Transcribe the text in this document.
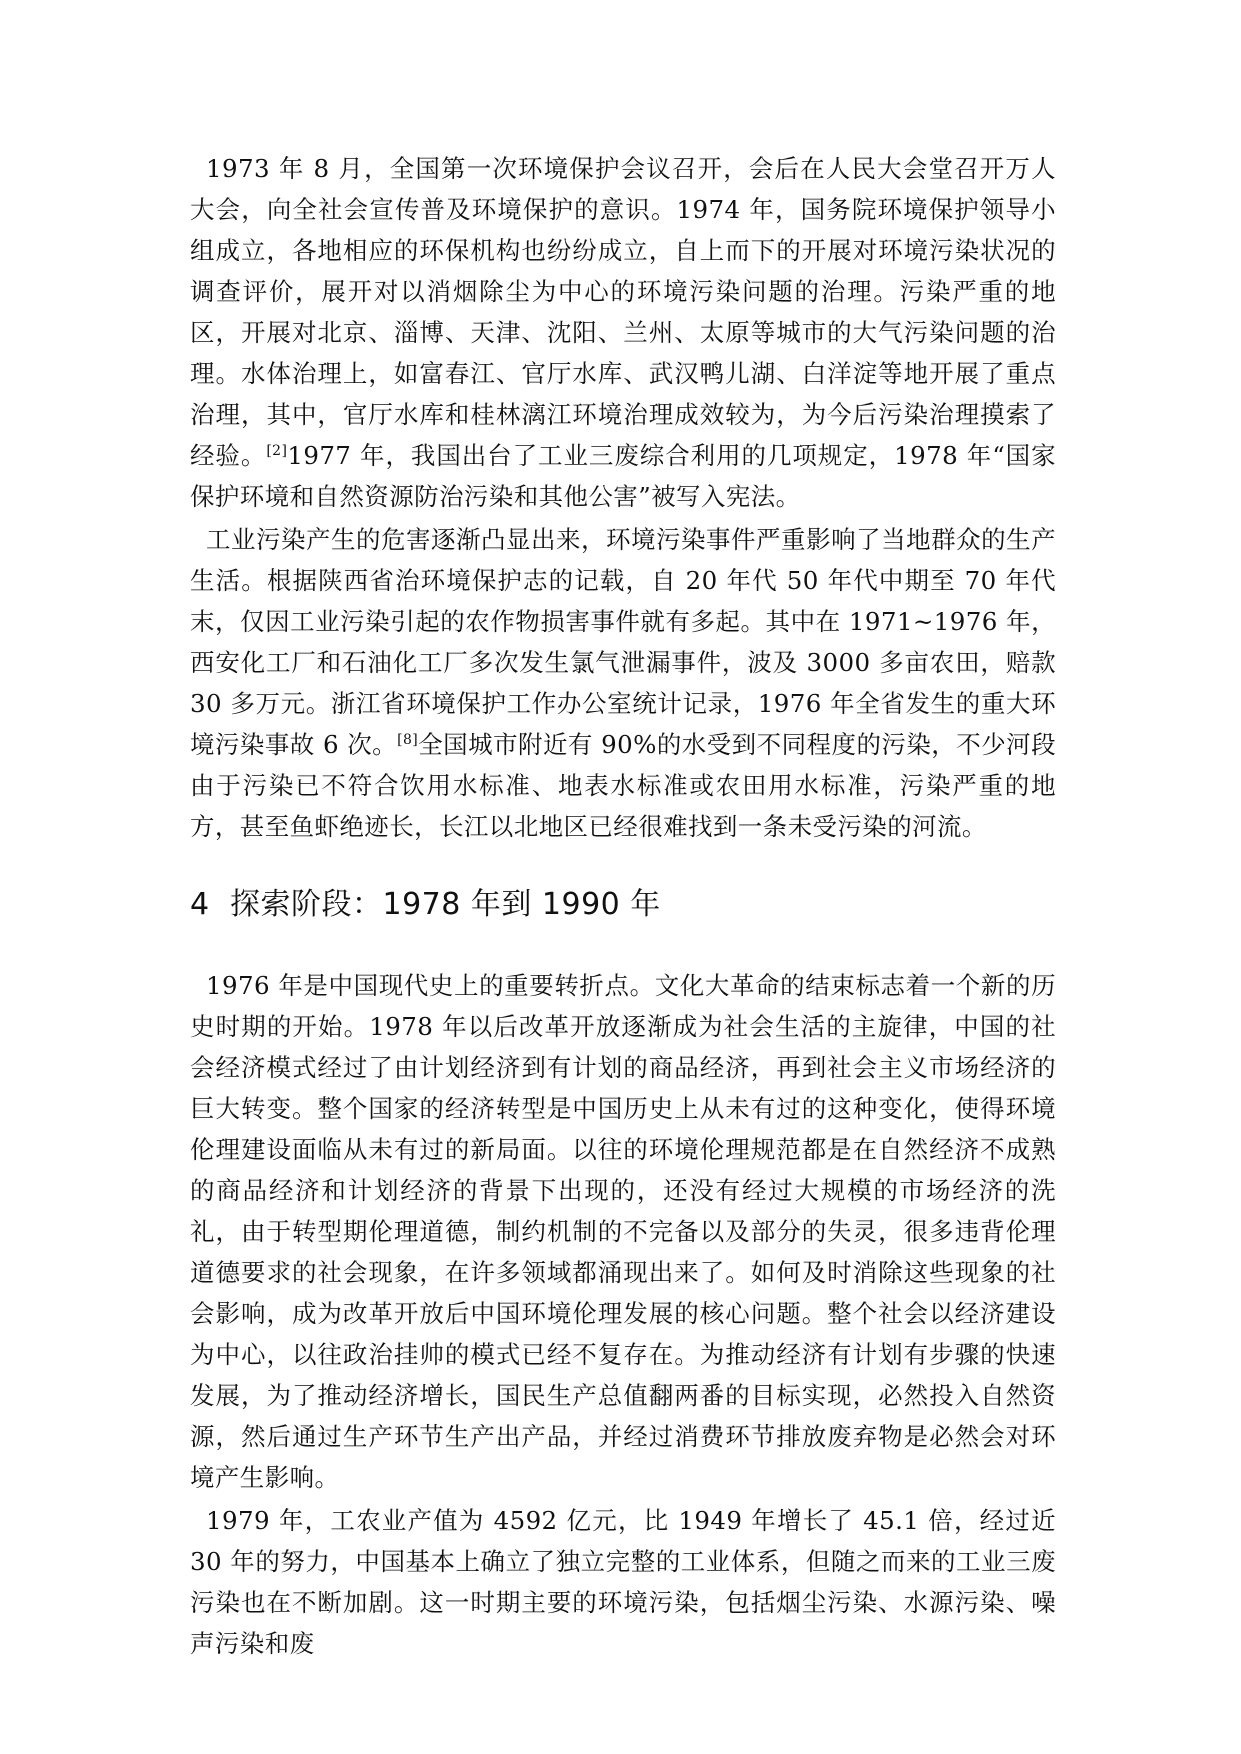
1973 年 8 月，全国第一次环境保护会议召开，会后在人民大会堂召开万人大会，向全社会宣传普及环境保护的意识。1974 年，国务院环境保护领导小组成立，各地相应的环保机构也纷纷成立，自上而下的开展对环境污染状况的调查评价，展开对以消烟除尘为中心的环境污染问题的治理。污染严重的地区，开展对北京、淄博、天津、沈阳、兰州、太原等城市的大气污染问题的治理。水体治理上，如富春江、官厅水库、武汉鸭儿湖、白洋淀等地开展了重点治理，其中，官厅水库和桂林漓江环境治理成效较为，为今后污染治理摸索了经验。[2]1977 年，我国出台了工业三废综合利用的几项规定，1978 年“国家保护环境和自然资源防治污染和其他公害”被写入宪法。

工业污染产生的危害逐渐凸显出来，环境污染事件严重影响了当地群众的生产生活。根据陕西省治环境保护志的记载，自 20 年代 50 年代中期至 70 年代末，仅因工业污染引起的农作物损害事件就有多起。其中在 1971~1976 年，西安化工厂和石油化工厂多次发生氯气泄漏事件，波及 3000 多亩农田，赔款 30 多万元。浙江省环境保护工作办公室统计记录，1976 年全省发生的重大环境污染事故 6 次。[8]全国城市附近有 90%的水受到不同程度的污染，不少河段由于污染已不符合饮用水标准、地表水标准或农田用水标准，污染严重的地方，甚至鱼虾绝迹长，长江以北地区已经很难找到一条未受污染的河流。

4 探索阶段：1978 年到 1990 年

1976 年是中国现代史上的重要转折点。文化大革命的结束标志着一个新的历史时期的开始。1978 年以后改革开放逐渐成为社会生活的主旋律，中国的社会经济模式经过了由计划经济到有计划的商品经济，再到社会主义市场经济的巨大转变。整个国家的经济转型是中国历史上从未有过的这种变化，使得环境伦理建设面临从未有过的新局面。以往的环境伦理规范都是在自然经济不成熟的商品经济和计划经济的背景下出现的，还没有经过大规模的市场经济的洗礼，由于转型期伦理道德，制约机制的不完备以及部分的失灵，很多违背伦理道德要求的社会现象，在许多领域都涌现出来了。如何及时消除这些现象的社会影响，成为改革开放后中国环境伦理发展的核心问题。整个社会以经济建设为中心，以往政治挂帅的模式已经不复存在。为推动经济有计划有步骤的快速发展，为了推动经济增长，国民生产总值翻两番的目标实现，必然投入自然资源，然后通过生产环节生产出产品，并经过消费环节排放废弃物是必然会对环境产生影响。

1979 年，工农业产值为 4592 亿元，比 1949 年增长了 45.1 倍，经过近 30 年的努力，中国基本上确立了独立完整的工业体系，但随之而来的工业三废污染也在不断加剧。这一时期主要的环境污染，包括烟尘污染、水源污染、噪声污染和废
